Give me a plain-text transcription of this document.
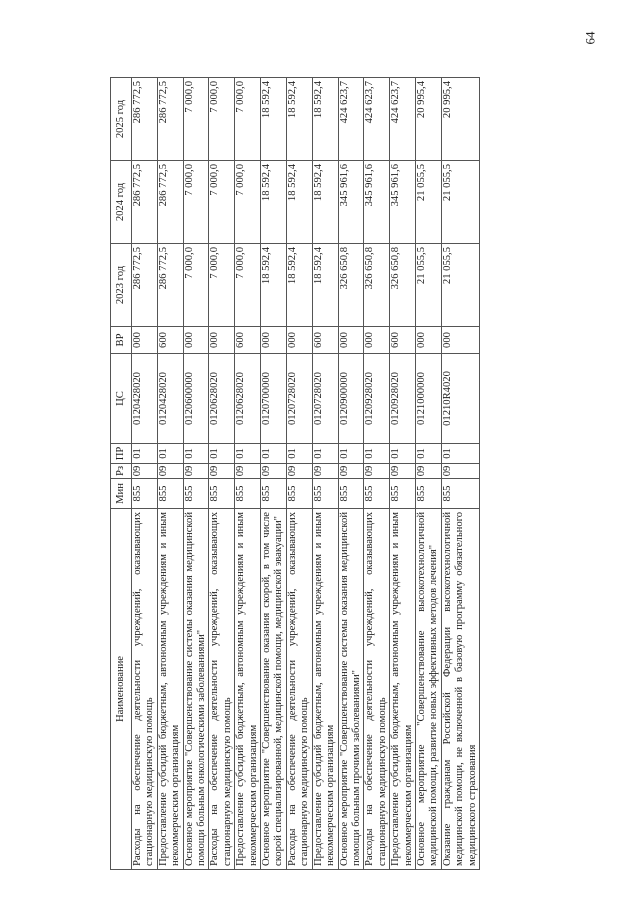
64
Наименование	Мин	Рз	ПР	ЦС	ВР	2023 год	2024 год	2025 год
Расходы на обеспечение деятельности учреждений, оказывающих стационарную медицинскую помощь	855	09	01	0120428020	000	286 772,5	286 772,5	286 772,5
Предоставление субсидий бюджетным, автономным учреждениям и иным некоммерческим организациям	855	09	01	0120428020	600	286 772,5	286 772,5	286 772,5
Основное мероприятие "Совершенствование системы оказания медицинской помощи больным онкологическими заболеваниями"	855	09	01	0120600000	000	7 000,0	7 000,0	7 000,0
Расходы на обеспечение деятельности учреждений, оказывающих стационарную медицинскую помощь	855	09	01	0120628020	000	7 000,0	7 000,0	7 000,0
Предоставление субсидий бюджетным, автономным учреждениям и иным некоммерческим организациям	855	09	01	0120628020	600	7 000,0	7 000,0	7 000,0
Основное мероприятие "Совершенствование оказания скорой, в том числе скорой специализированной, медицинской помощи, медицинской эвакуации"	855	09	01	0120700000	000	18 592,4	18 592,4	18 592,4
Расходы на обеспечение деятельности учреждений, оказывающих стационарную медицинскую помощь	855	09	01	0120728020	000	18 592,4	18 592,4	18 592,4
Предоставление субсидий бюджетным, автономным учреждениям и иным некоммерческим организациям	855	09	01	0120728020	600	18 592,4	18 592,4	18 592,4
Основное мероприятие "Совершенствование системы оказания медицинской помощи больным прочими заболеваниями"	855	09	01	0120900000	000	326 650,8	345 961,6	424 623,7
Расходы на обеспечение деятельности учреждений, оказывающих стационарную медицинскую помощь	855	09	01	0120928020	000	326 650,8	345 961,6	424 623,7
Предоставление субсидий бюджетным, автономным учреждениям и иным некоммерческим организациям	855	09	01	0120928020	600	326 650,8	345 961,6	424 623,7
Основное мероприятие "Совершенствование высокотехнологичной медицинской помощи, развитие новых эффективных методов лечения"	855	09	01	0121000000	000	21 055,5	21 055,5	20 995,4
Оказание гражданам Российской Федерации высокотехнологичной медицинской помощи, не включенной в базовую программу обязательного медицинского страхования	855	09	01	01210R4020	000	21 055,5	21 055,5	20 995,4
